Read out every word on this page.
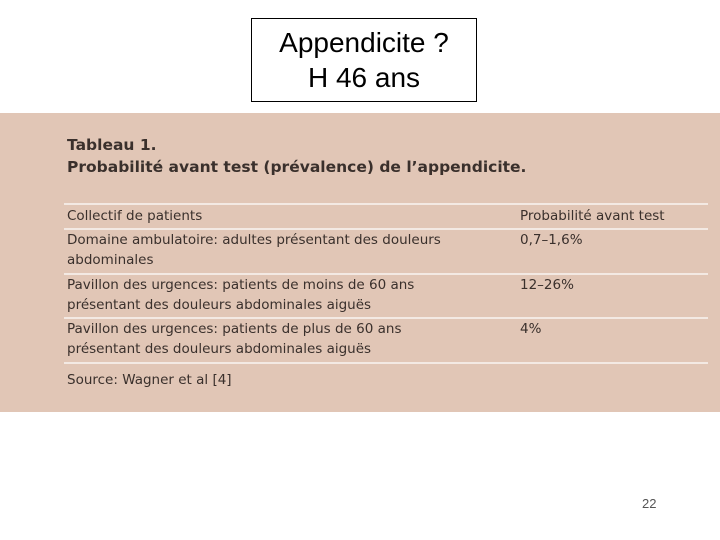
Appendicite ?
H 46 ans
Tableau 1.
Probabilité avant test (prévalence) de l’appendicite.
Collectif de patients	Probabilité avant test
Domaine ambulatoire: adultes présentant des douleurs
abdominales
0,7–1,6%
Pavillon des urgences: patients de moins de 60 ans
présentant des douleurs abdominales aiguës
12–26%
Pavillon des urgences: patients de plus de 60 ans
présentant des douleurs abdominales aiguës
4%
Source: Wagner et al [4]
22
